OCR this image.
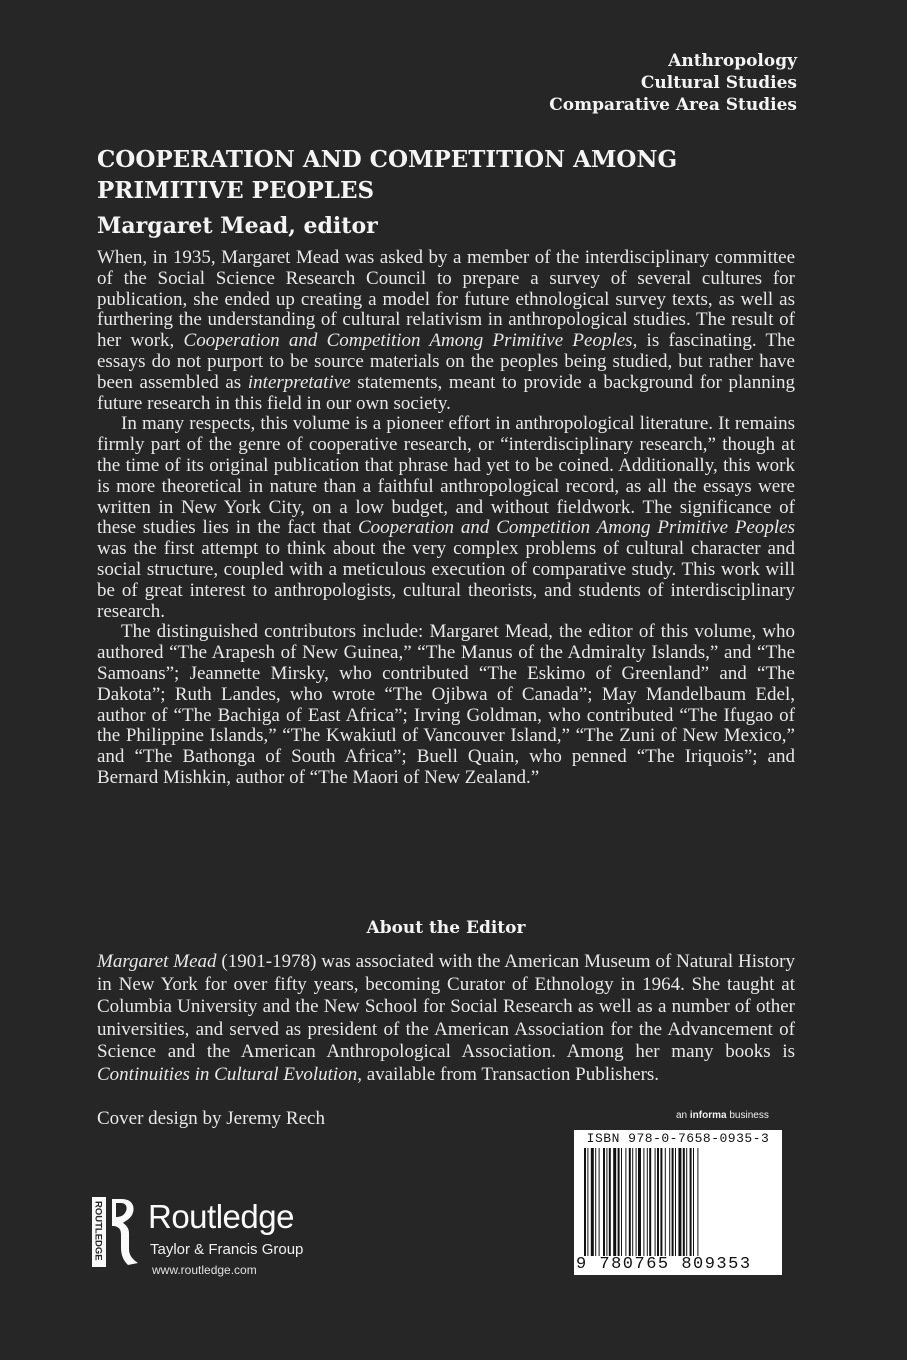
Anthropology
Cultural Studies
Comparative Area Studies
COOPERATION AND COMPETITION AMONG
PRIMITIVE PEOPLES
Margaret Mead, editor

When, in 1935, Margaret Mead was asked by a member of the interdisciplinary committee of the Social Science Research Council to prepare a survey of several cultures for publication, she ended up creating a model for future ethnological survey texts, as well as furthering the understanding of cultural relativism in anthropological studies. The result of her work, Cooperation and Competition Among Primitive Peoples, is fascinating. The essays do not purport to be source materials on the peoples being studied, but rather have been assembled as interpretative statements, meant to provide a background for planning future research in this field in our own society.

In many respects, this volume is a pioneer effort in anthropological literature. It remains firmly part of the genre of cooperative research, or “interdisciplinary research,” though at the time of its original publication that phrase had yet to be coined. Additionally, this work is more theoretical in nature than a faithful anthropological record, as all the essays were written in New York City, on a low budget, and without fieldwork. The significance of these studies lies in the fact that Cooperation and Competition Among Primitive Peoples was the first attempt to think about the very complex problems of cultural character and social structure, coupled with a meticulous execution of comparative study. This work will be of great interest to anthropologists, cultural theorists, and students of interdisciplinary research.

The distinguished contributors include: Margaret Mead, the editor of this volume, who authored “The Arapesh of New Guinea,” “The Manus of the Admiralty Islands,” and “The Samoans”; Jeannette Mirsky, who contributed “The Eskimo of Greenland” and “The Dakota”; Ruth Landes, who wrote “The Ojibwa of Canada”; May Mandelbaum Edel, author of “The Bachiga of East Africa”; Irving Goldman, who contributed “The Ifugao of the Philippine Islands,” “The Kwakiutl of Vancouver Island,” “The Zuni of New Mexico,” and “The Bathonga of South Africa”; Buell Quain, who penned “The Iriquois”; and Bernard Mishkin, author of “The Maori of New Zealand.”

About the Editor

Margaret Mead (1901-1978) was associated with the American Museum of Natural History in New York for over fifty years, becoming Curator of Ethnology in 1964. She taught at Columbia University and the New School for Social Research as well as a number of other universities, and served as president of the American Association for the Advancement of Science and the American Anthropological Association. Among her many books is Continuities in Cultural Evolution, available from Transaction Publishers.

Cover design by Jeremy Rech	an informa business
ISBN 978-0-7658-0935-3
9 780765 809353
ROUTLEDGE Routledge
Taylor & Francis Group
www.routledge.com
